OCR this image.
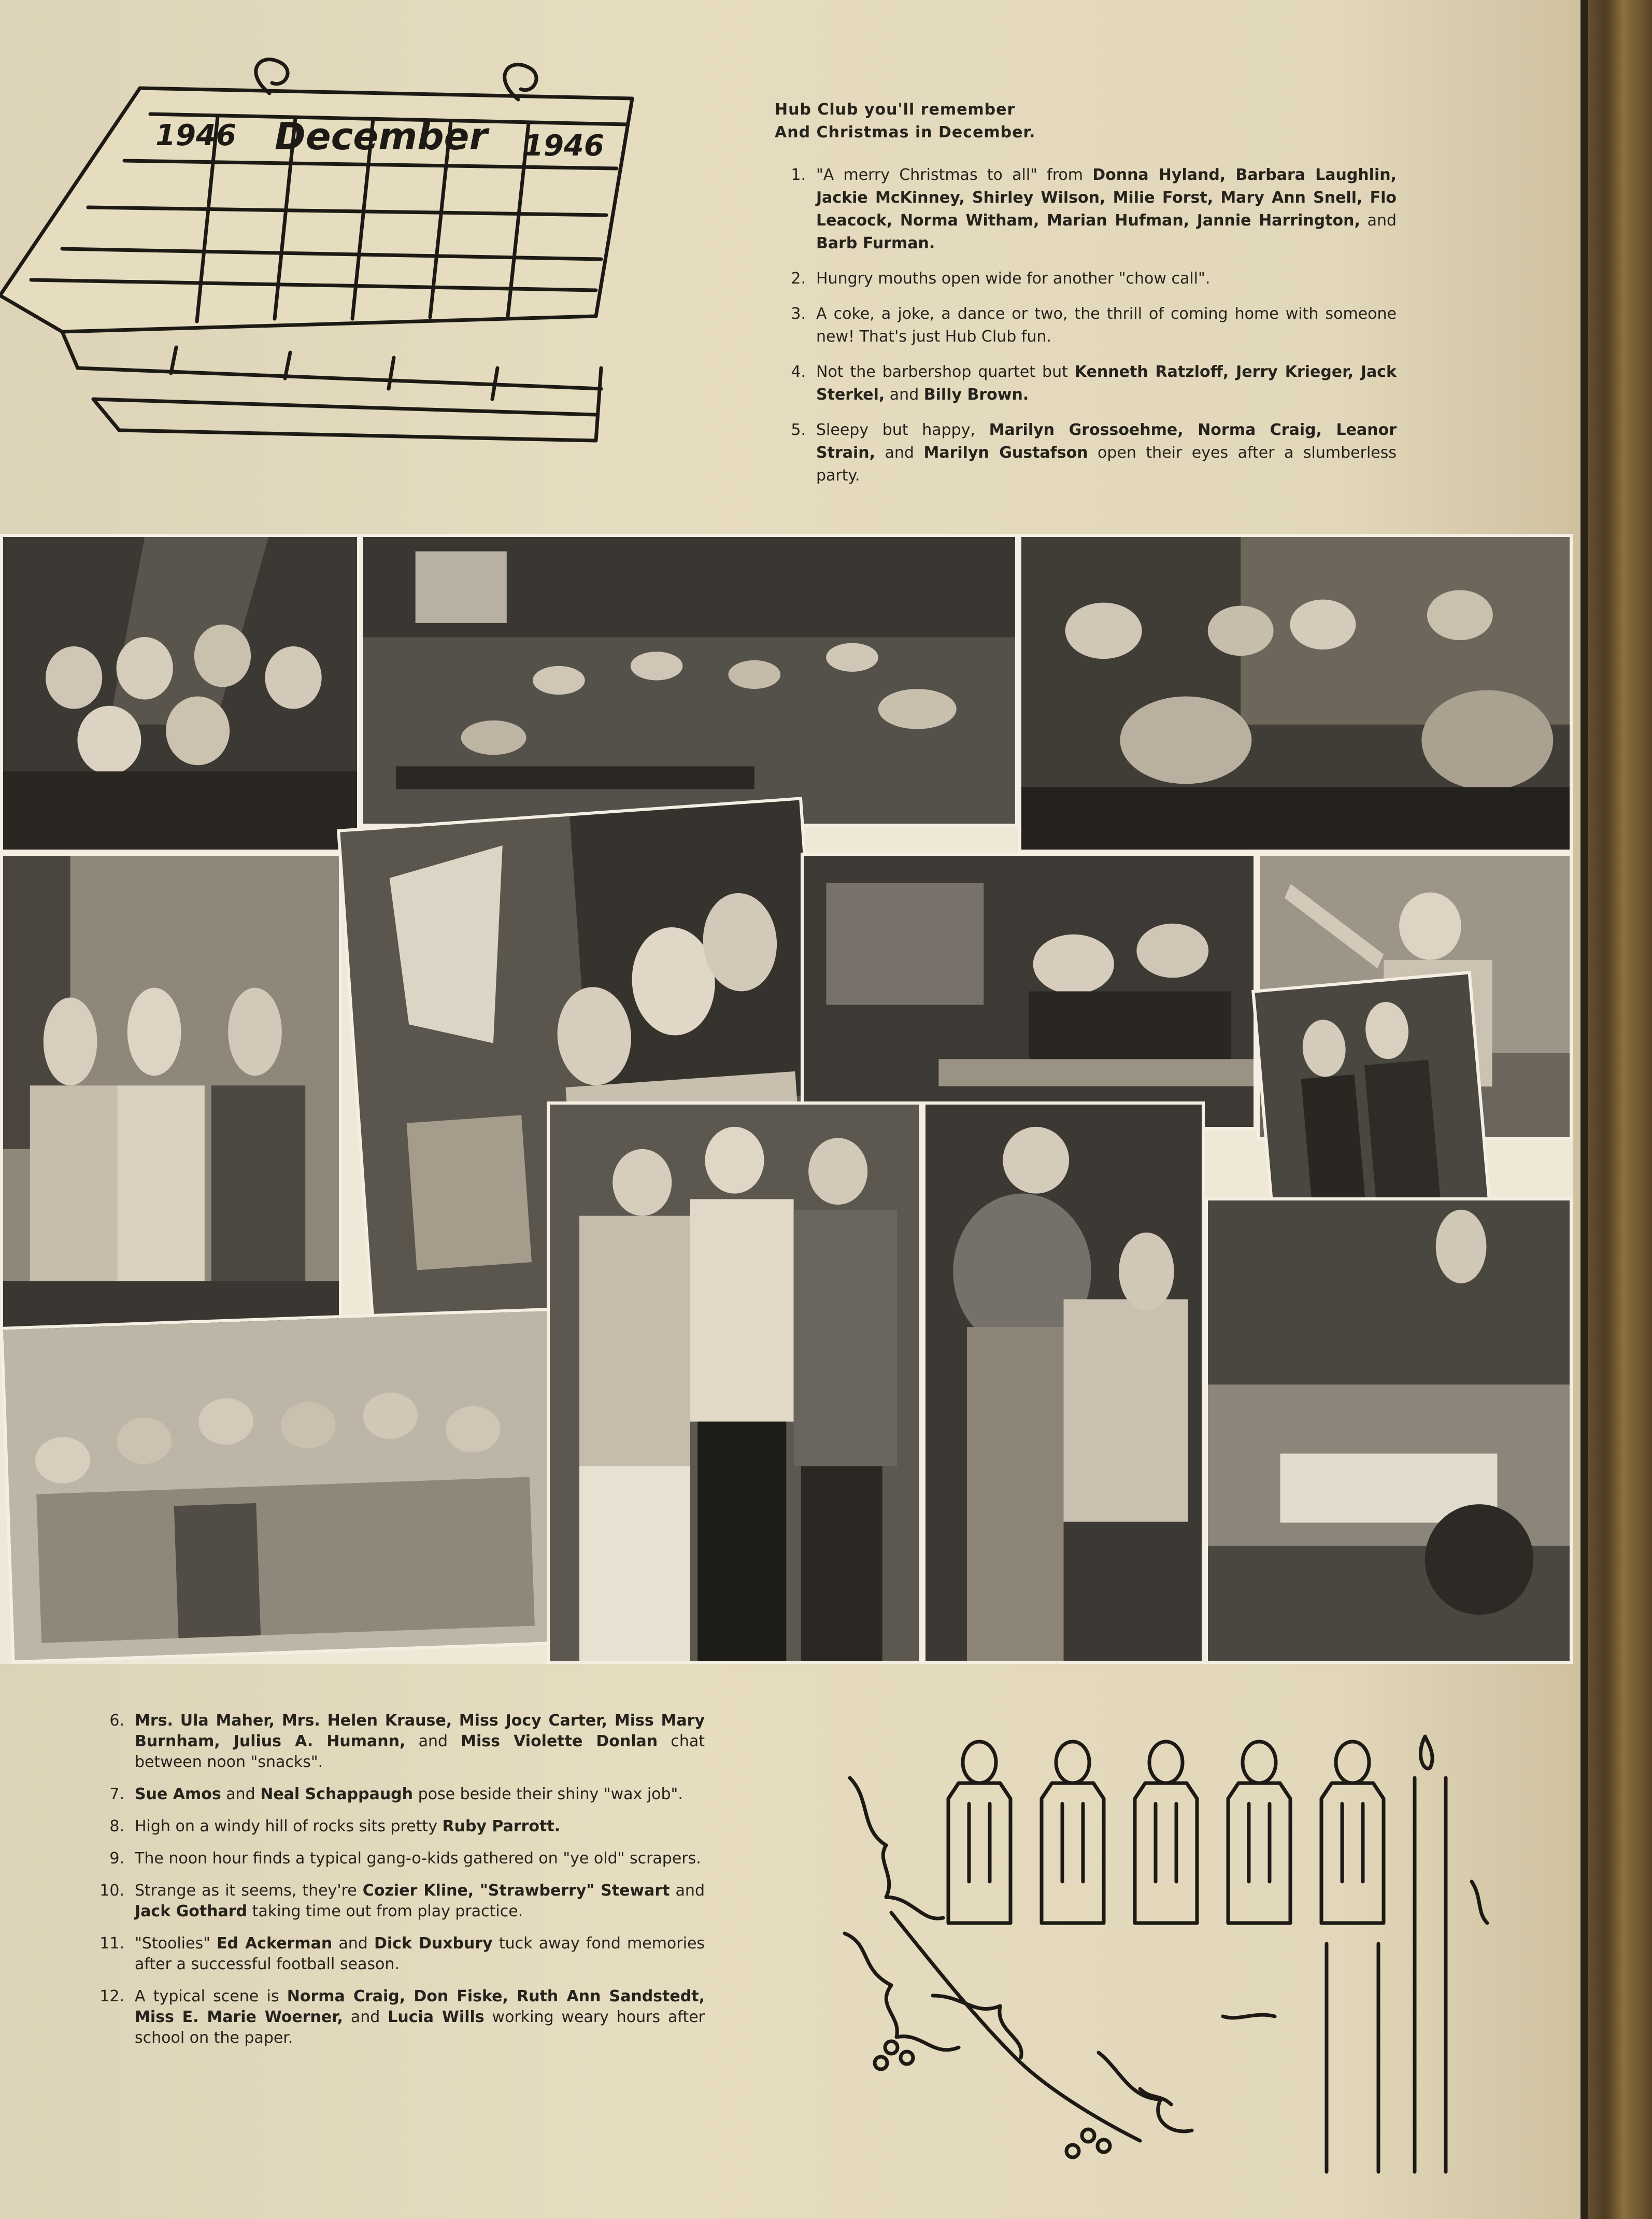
1946 December 1946
Hub Club you'll remember
And Christmas in December.
1. "A merry Christmas to all" from Donna Hyland, Barbara Laughlin, Jackie McKinney, Shirley Wilson, Milie Forst, Mary Ann Snell, Flo Leacock, Norma Witham, Marian Hufman, Jannie Harrington, and Barb Furman.
2. Hungry mouths open wide for another "chow call".
3. A coke, a joke, a dance or two, the thrill of coming home with someone new! That's just Hub Club fun.
4. Not the barbershop quartet but Kenneth Ratzloff, Jerry Krieger, Jack Sterkel, and Billy Brown.
5. Sleepy but happy, Marilyn Grossoehme, Norma Craig, Leanor Strain, and Marilyn Gustafson open their eyes after a slumberless party.
6. Mrs. Ula Maher, Mrs. Helen Krause, Miss Jocy Carter, Miss Mary Burnham, Julius A. Humann, and Miss Violette Donlan chat between noon "snacks".
7. Sue Amos and Neal Schappaugh pose beside their shiny "wax job".
8. High on a windy hill of rocks sits pretty Ruby Parrott.
9. The noon hour finds a typical gang-o-kids gathered on "ye old" scrapers.
10. Strange as it seems, they're Cozier Kline, "Strawberry" Stewart and Jack Gothard taking time out from play practice.
11. "Stoolies" Ed Ackerman and Dick Duxbury tuck away fond memories after a successful football season.
12. A typical scene is Norma Craig, Don Fiske, Ruth Ann Sandstedt, Miss E. Marie Woerner, and Lucia Wills working weary hours after school on the paper.
